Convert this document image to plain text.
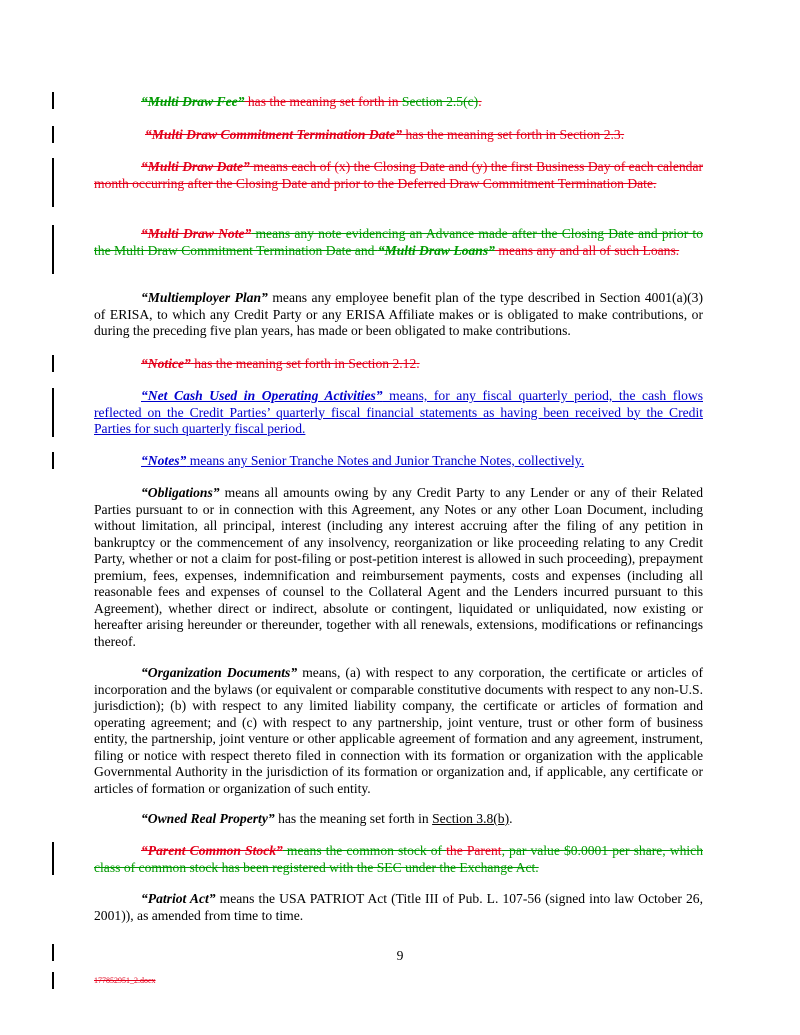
“Multi Draw Fee” has the meaning set forth in Section 2.5(c).

“Multi Draw Commitment Termination Date” has the meaning set forth in Section 2.3.

“Multi Draw Date” means each of (x) the Closing Date and (y) the first Business Day of each calendar month occurring after the Closing Date and prior to the Deferred Draw Commitment Termination Date.

“Multi Draw Note” means any note evidencing an Advance made after the Closing Date and prior to the Multi Draw Commitment Termination Date and “Multi Draw Loans” means any and all of such Loans.

“Multiemployer Plan” means any employee benefit plan of the type described in Section 4001(a)(3) of ERISA, to which any Credit Party or any ERISA Affiliate makes or is obligated to make contributions, or during the preceding five plan years, has made or been obligated to make contributions.

“Notice” has the meaning set forth in Section 2.12.

“Net Cash Used in Operating Activities” means, for any fiscal quarterly period, the cash flows reflected on the Credit Parties’ quarterly fiscal financial statements as having been received by the Credit Parties for such quarterly fiscal period.

“Notes” means any Senior Tranche Notes and Junior Tranche Notes, collectively.

“Obligations” means all amounts owing by any Credit Party to any Lender or any of their Related Parties pursuant to or in connection with this Agreement, any Notes or any other Loan Document, including without limitation, all principal, interest (including any interest accruing after the filing of any petition in bankruptcy or the commencement of any insolvency, reorganization or like proceeding relating to any Credit Party, whether or not a claim for post-filing or post-petition interest is allowed in such proceeding), prepayment premium, fees, expenses, indemnification and reimbursement payments, costs and expenses (including all reasonable fees and expenses of counsel to the Collateral Agent and the Lenders incurred pursuant to this Agreement), whether direct or indirect, absolute or contingent, liquidated or unliquidated, now existing or hereafter arising hereunder or thereunder, together with all renewals, extensions, modifications or refinancings thereof.

“Organization Documents” means, (a) with respect to any corporation, the certificate or articles of incorporation and the bylaws (or equivalent or comparable constitutive documents with respect to any non-U.S. jurisdiction); (b) with respect to any limited liability company, the certificate or articles of formation and operating agreement; and (c) with respect to any partnership, joint venture, trust or other form of business entity, the partnership, joint venture or other applicable agreement of formation and any agreement, instrument, filing or notice with respect thereto filed in connection with its formation or organization with the applicable Governmental Authority in the jurisdiction of its formation or organization and, if applicable, any certificate or articles of formation or organization of such entity.

“Owned Real Property” has the meaning set forth in Section 3.8(b).

“Parent Common Stock” means the common stock of the Parent, par value $0.0001 per share, which class of common stock has been registered with the SEC under the Exchange Act.

“Patriot Act” means the USA PATRIOT Act (Title III of Pub. L. 107-56 (signed into law October 26, 2001)), as amended from time to time.

9
177852951_2.docx
